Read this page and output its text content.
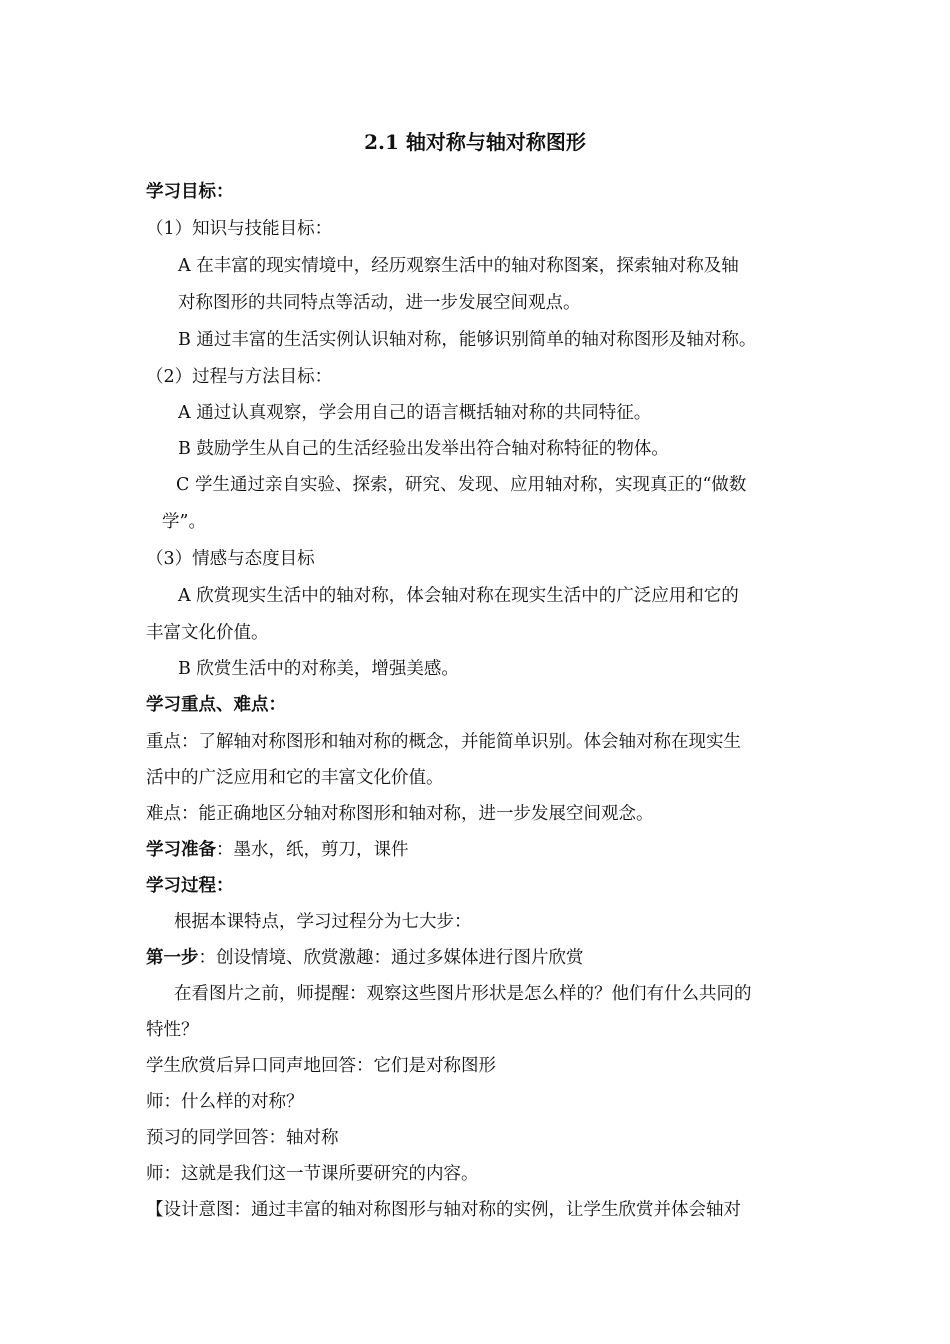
2.1 轴对称与轴对称图形
学习目标：
（1）知识与技能目标：
A 在丰富的现实情境中，经历观察生活中的轴对称图案，探索轴对称及轴
对称图形的共同特点等活动，进一步发展空间观点。
B 通过丰富的生活实例认识轴对称，能够识别简单的轴对称图形及轴对称。
（2）过程与方法目标：
A 通过认真观察，学会用自己的语言概括轴对称的共同特征。
B 鼓励学生从自己的生活经验出发举出符合轴对称特征的物体。
C 学生通过亲自实验、探索，研究、发现、应用轴对称，实现真正的“做数
学”。
（3）情感与态度目标
A 欣赏现实生活中的轴对称，体会轴对称在现实生活中的广泛应用和它的
丰富文化价值。
B 欣赏生活中的对称美，增强美感。
学习重点、难点：
重点：了解轴对称图形和轴对称的概念，并能简单识别。体会轴对称在现实生
活中的广泛应用和它的丰富文化价值。
难点：能正确地区分轴对称图形和轴对称，进一步发展空间观念。
学习准备：墨水，纸，剪刀，课件
学习过程：
根据本课特点，学习过程分为七大步：
第一步：创设情境、欣赏激趣：通过多媒体进行图片欣赏
在看图片之前，师提醒：观察这些图片形状是怎么样的？他们有什么共同的
特性？
学生欣赏后异口同声地回答：它们是对称图形
师：什么样的对称？
预习的同学回答：轴对称
师：这就是我们这一节课所要研究的内容。
【设计意图：通过丰富的轴对称图形与轴对称的实例，让学生欣赏并体会轴对
